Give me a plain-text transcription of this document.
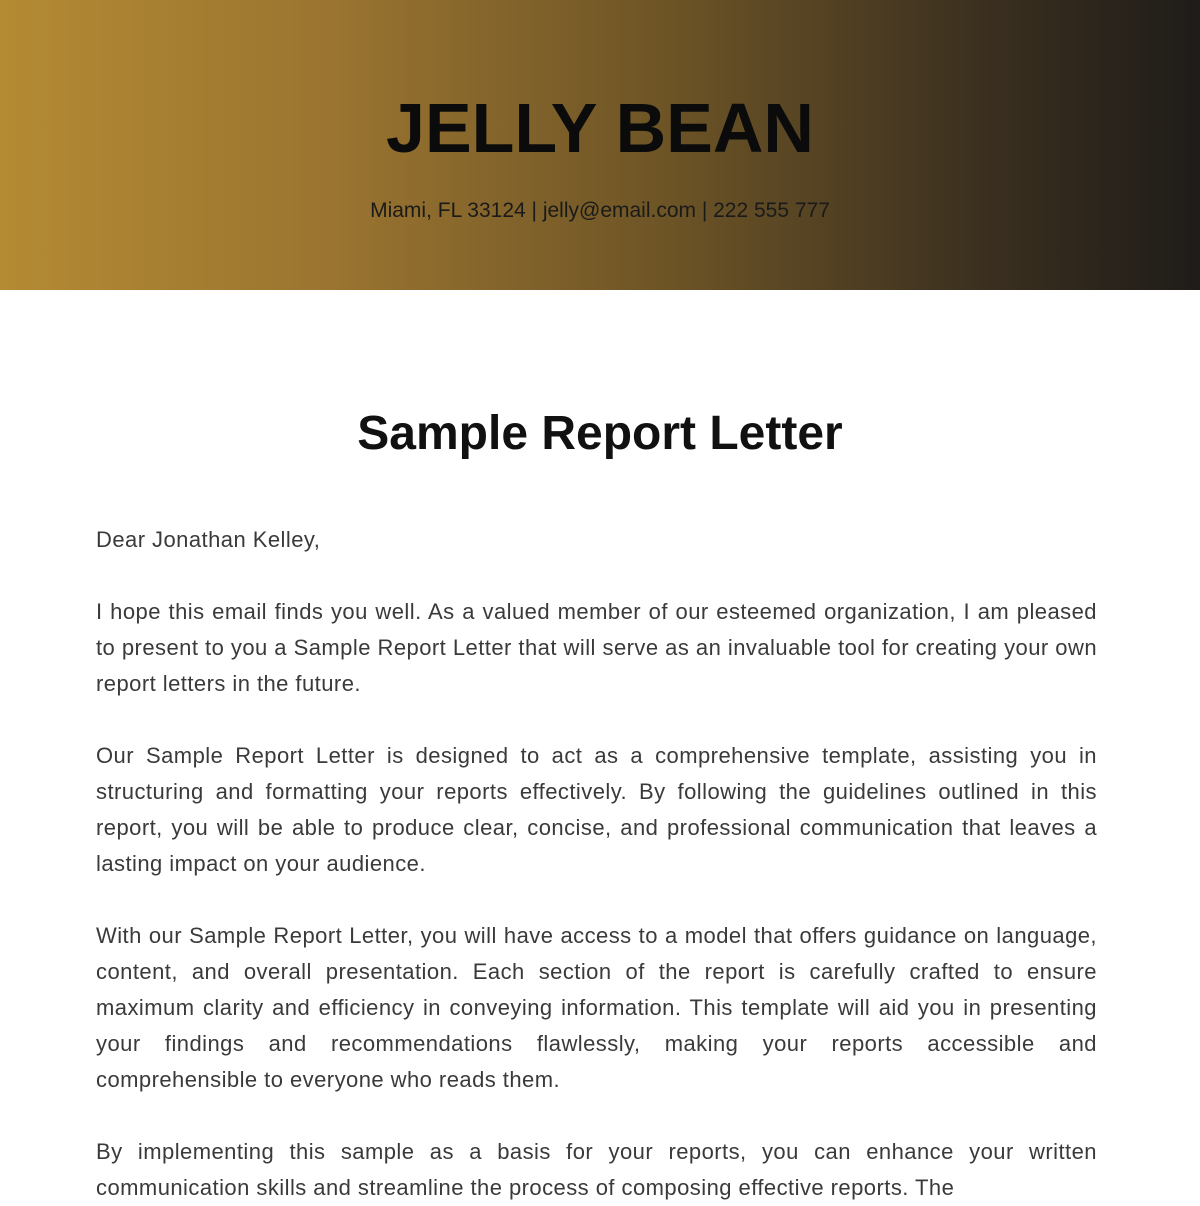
JELLY BEAN
Miami, FL 33124 | jelly@email.com | 222 555 777
Sample Report Letter

Dear Jonathan Kelley,

I hope this email finds you well. As a valued member of our esteemed organization, I am pleased to present to you a Sample Report Letter that will serve as an invaluable tool for creating your own report letters in the future.

Our Sample Report Letter is designed to act as a comprehensive template, assisting you in structuring and formatting your reports effectively. By following the guidelines outlined in this report, you will be able to produce clear, concise, and professional communication that leaves a lasting impact on your audience.

With our Sample Report Letter, you will have access to a model that offers guidance on language, content, and overall presentation. Each section of the report is carefully crafted to ensure maximum clarity and efficiency in conveying information. This template will aid you in presenting your findings and recommendations flawlessly, making your reports accessible and comprehensible to everyone who reads them.

By implementing this sample as a basis for your reports, you can enhance your written communication skills and streamline the process of composing effective reports. The
